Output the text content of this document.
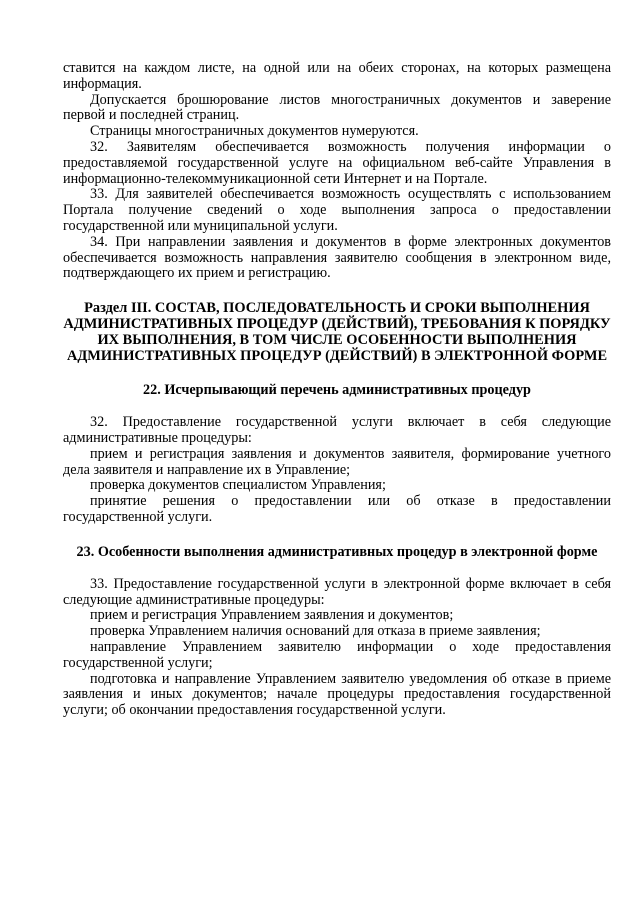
ставится на каждом листе, на одной или на обеих сторонах, на которых размещена информация.

Допускается брошюрование листов многостраничных документов и заверение первой и последней страниц.

Страницы многостраничных документов нумеруются.

32. Заявителям обеспечивается возможность получения информации о предоставляемой государственной услуге на официальном веб-сайте Управления в информационно-телекоммуникационной сети Интернет и на Портале.

33. Для заявителей обеспечивается возможность осуществлять с использованием Портала получение сведений о ходе выполнения запроса о предоставлении государственной или муниципальной услуги.

34. При направлении заявления и документов в форме электронных документов обеспечивается возможность направления заявителю сообщения в электронном виде, подтверждающего их прием и регистрацию.

Раздел III. СОСТАВ, ПОСЛЕДОВАТЕЛЬНОСТЬ И СРОКИ ВЫПОЛНЕНИЯ АДМИНИСТРАТИВНЫХ ПРОЦЕДУР (ДЕЙСТВИЙ), ТРЕБОВАНИЯ К ПОРЯДКУ ИХ ВЫПОЛНЕНИЯ, В ТОМ ЧИСЛЕ ОСОБЕННОСТИ ВЫПОЛНЕНИЯ АДМИНИСТРАТИВНЫХ ПРОЦЕДУР (ДЕЙСТВИЙ) В ЭЛЕКТРОННОЙ ФОРМЕ
22. Исчерпывающий перечень административных процедур

32. Предоставление государственной услуги включает в себя следующие административные процедуры:

прием и регистрация заявления и документов заявителя, формирование учетного дела заявителя и направление их в Управление;

проверка документов специалистом Управления;

принятие решения о предоставлении или об отказе в предоставлении государственной услуги.

23. Особенности выполнения административных процедур в электронной форме

33. Предоставление государственной услуги в электронной форме включает в себя следующие административные процедуры:

прием и регистрация Управлением заявления и документов;

проверка Управлением наличия оснований для отказа в приеме заявления;

направление Управлением заявителю информации о ходе предоставления государственной услуги;

подготовка и направление Управлением заявителю уведомления об отказе в приеме заявления и иных документов; начале процедуры предоставления государственной услуги; об окончании предоставления государственной услуги.
